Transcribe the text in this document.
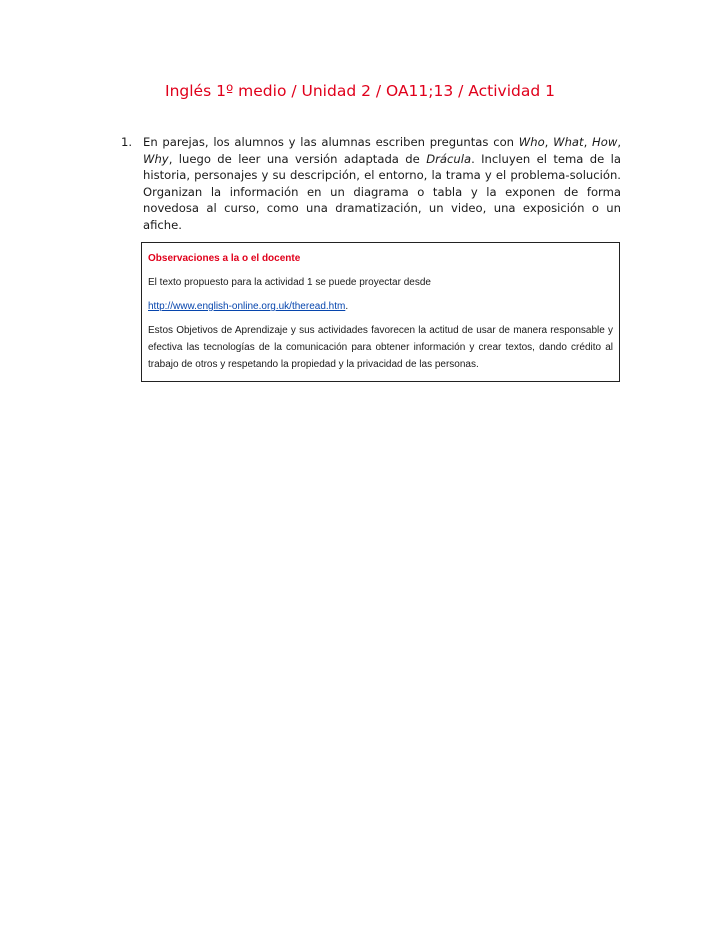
Inglés 1º medio / Unidad 2 / OA11;13 / Actividad 1
1. En parejas, los alumnos y las alumnas escriben preguntas con Who, What, How, Why, luego de leer una versión adaptada de Drácula. Incluyen el tema de la historia, personajes y su descripción, el entorno, la trama y el problema-solución. Organizan la información en un diagrama o tabla y la exponen de forma novedosa al curso, como una dramatización, un video, una exposición o un afiche.

Observaciones a la o el docente

El texto propuesto para la actividad 1 se puede proyectar desde

http://www.english-online.org.uk/theread.htm.

Estos Objetivos de Aprendizaje y sus actividades favorecen la actitud de usar de manera responsable y efectiva las tecnologías de la comunicación para obtener información y crear textos, dando crédito al trabajo de otros y respetando la propiedad y la privacidad de las personas.
